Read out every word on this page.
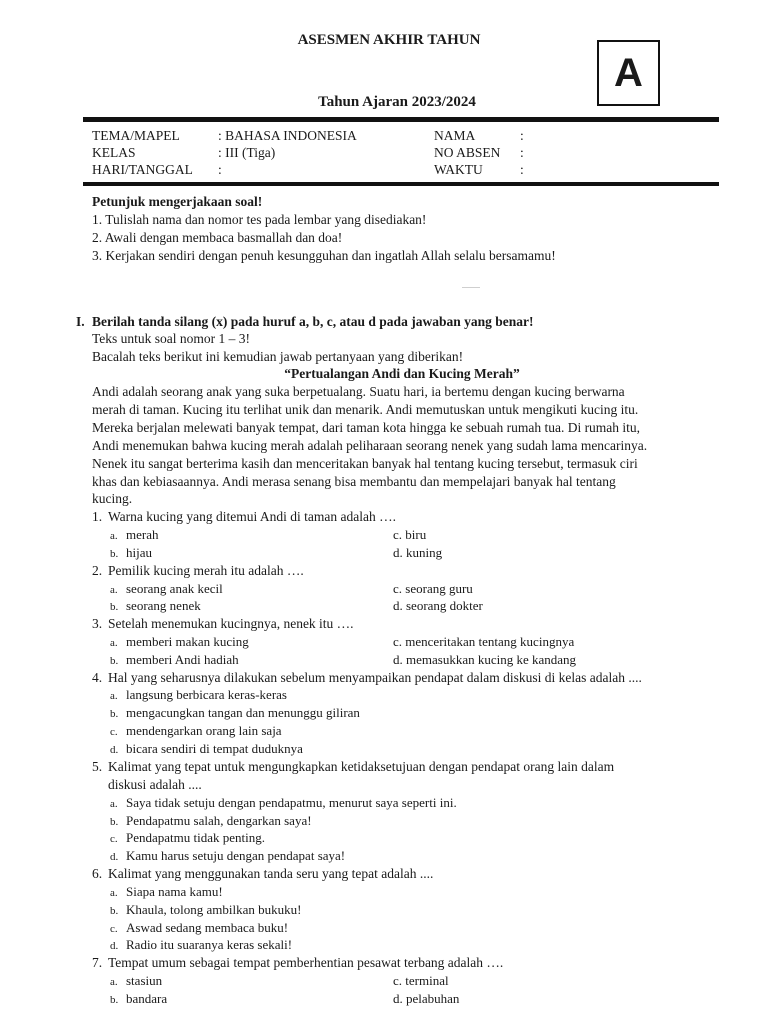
ASESMEN AKHIR TAHUN
Tahun Ajaran 2023/2024
A
TEMA/MAPEL	: BAHASA INDONESIA	NAMA	:
KELAS	: III (Tiga)	NO ABSEN :
HARI/TANGGAL :	WAKTU	:
Petunjuk mengerjakaan soal!
1. Tulislah nama dan nomor tes pada lembar yang disediakan!
2. Awali dengan membaca basmallah dan doa!
3. Kerjakan sendiri dengan penuh kesungguhan dan ingatlah Allah selalu bersamamu!
I. Berilah tanda silang (x) pada huruf a, b, c, atau d pada jawaban yang benar!
Teks untuk soal nomor 1 – 3!
Bacalah teks berikut ini kemudian jawab pertanyaan yang diberikan!
“Pertualangan Andi dan Kucing Merah”
Andi adalah seorang anak yang suka berpetualang. Suatu hari, ia bertemu dengan kucing berwarna
merah di taman. Kucing itu terlihat unik dan menarik. Andi memutuskan untuk mengikuti kucing itu.
Mereka berjalan melewati banyak tempat, dari taman kota hingga ke sebuah rumah tua. Di rumah itu,
Andi menemukan bahwa kucing merah adalah peliharaan seorang nenek yang sudah lama mencarinya.
Nenek itu sangat berterima kasih dan menceritakan banyak hal tentang kucing tersebut, termasuk ciri
khas dan kebiasaannya. Andi merasa senang bisa membantu dan mempelajari banyak hal tentang
kucing.
1. Warna kucing yang ditemui Andi di taman adalah ….
a. merah	c. biru
b. hijau	d. kuning
2. Pemilik kucing merah itu adalah ….
a. seorang anak kecil	c. seorang guru
b. seorang nenek	d. seorang dokter
3. Setelah menemukan kucingnya, nenek itu ….
a. memberi makan kucing	c. menceritakan tentang kucingnya
b. memberi Andi hadiah	d. memasukkan kucing ke kandang
4. Hal yang seharusnya dilakukan sebelum menyampaikan pendapat dalam diskusi di kelas adalah ....
a. langsung berbicara keras-keras
b. mengacungkan tangan dan menunggu giliran
c. mendengarkan orang lain saja
d. bicara sendiri di tempat duduknya
5. Kalimat yang tepat untuk mengungkapkan ketidaksetujuan dengan pendapat orang lain dalam
diskusi adalah ....
a. Saya tidak setuju dengan pendapatmu, menurut saya seperti ini.
b. Pendapatmu salah, dengarkan saya!
c. Pendapatmu tidak penting.
d. Kamu harus setuju dengan pendapat saya!
6. Kalimat yang menggunakan tanda seru yang tepat adalah ....
a. Siapa nama kamu!
b. Khaula, tolong ambilkan bukuku!
c. Aswad sedang membaca buku!
d. Radio itu suaranya keras sekali!
7. Tempat umum sebagai tempat pemberhentian pesawat terbang adalah ….
a. stasiun	c. terminal
b. bandara	d. pelabuhan
